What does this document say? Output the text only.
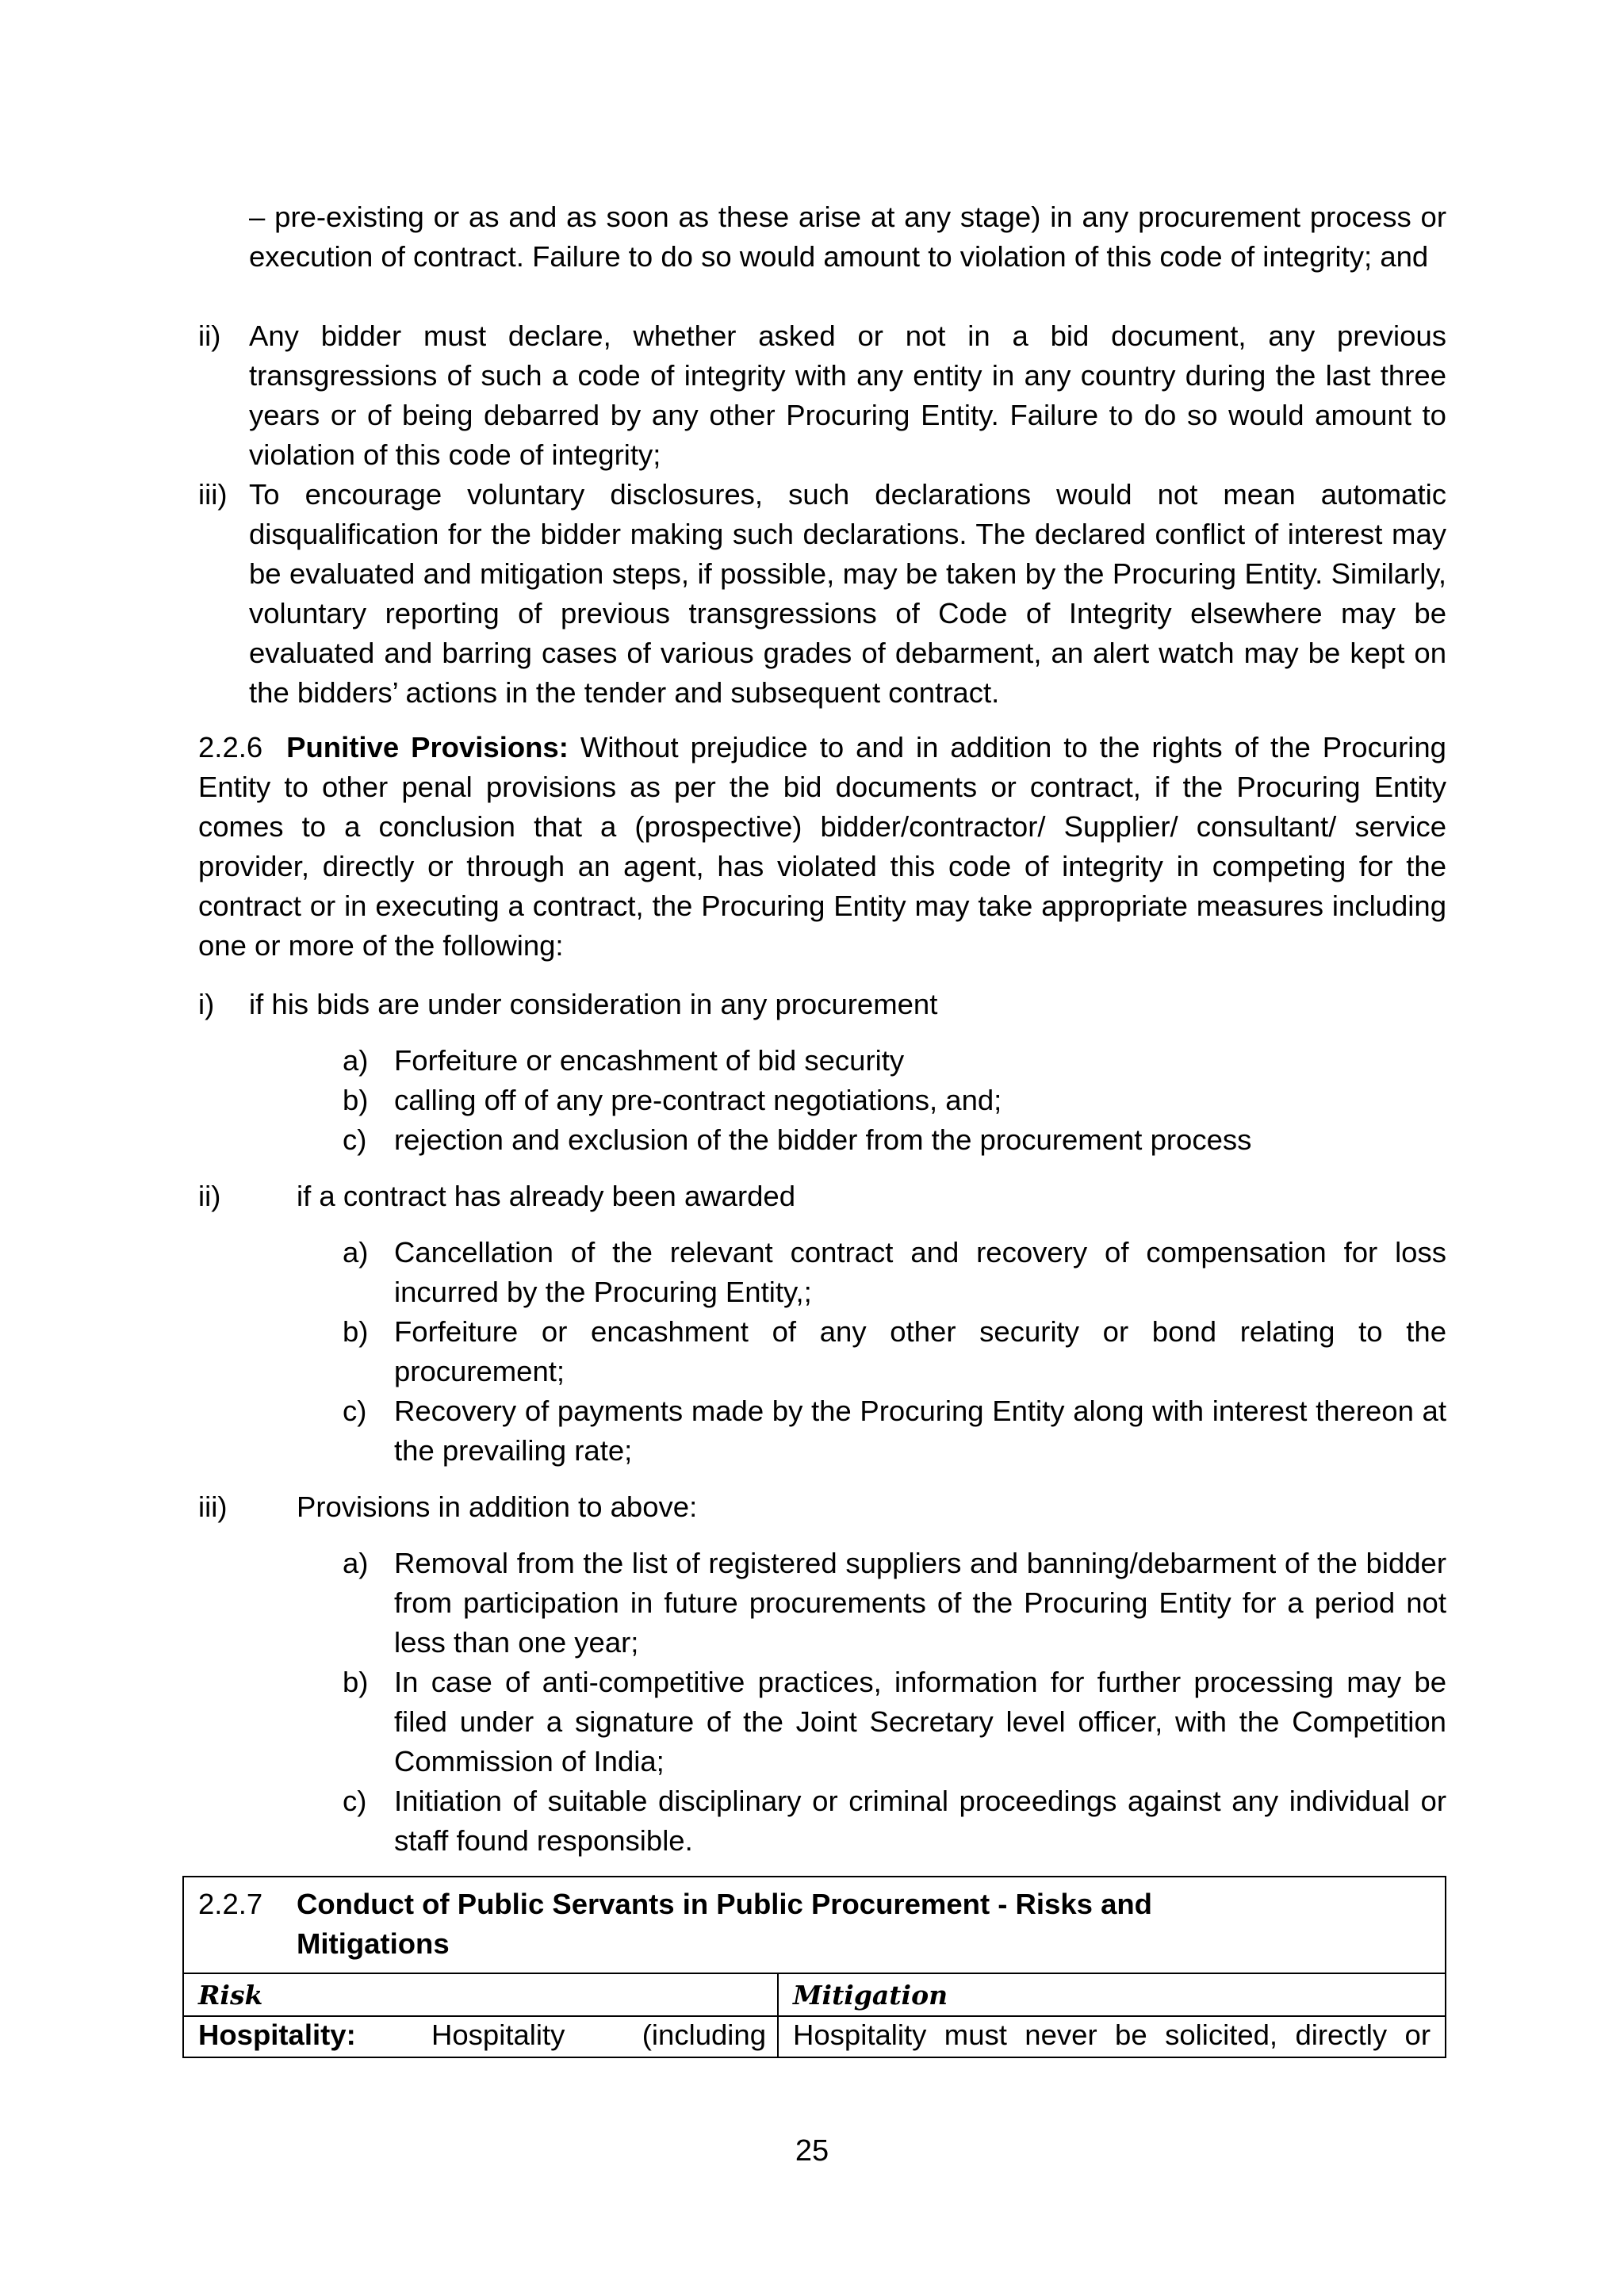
– pre-existing or as and as soon as these arise at any stage) in any procurement process or execution of contract. Failure to do so would amount to violation of this code of integrity; and

ii) Any bidder must declare, whether asked or not in a bid document, any previous transgressions of such a code of integrity with any entity in any country during the last three years or of being debarred by any other Procuring Entity. Failure to do so would amount to violation of this code of integrity;

iii) To encourage voluntary disclosures, such declarations would not mean automatic disqualification for the bidder making such declarations. The declared conflict of interest may be evaluated and mitigation steps, if possible, may be taken by the Procuring Entity. Similarly, voluntary reporting of previous transgressions of Code of Integrity elsewhere may be evaluated and barring cases of various grades of debarment, an alert watch may be kept on the bidders’ actions in the tender and subsequent contract.

2.2.6 Punitive Provisions: Without prejudice to and in addition to the rights of the Procuring Entity to other penal provisions as per the bid documents or contract, if the Procuring Entity comes to a conclusion that a (prospective) bidder/contractor/ Supplier/ consultant/ service provider, directly or through an agent, has violated this code of integrity in competing for the contract or in executing a contract, the Procuring Entity may take appropriate measures including one or more of the following:

i) if his bids are under consideration in any procurement
a) Forfeiture or encashment of bid security
b) calling off of any pre-contract negotiations, and;
c) rejection and exclusion of the bidder from the procurement process
ii)	if a contract has already been awarded
a) Cancellation of the relevant contract and recovery of compensation for loss incurred by the Procuring Entity,;

b) Forfeiture or encashment of any other security or bond relating to the procurement;

c) Recovery of payments made by the Procuring Entity along with interest thereon at the prevailing rate;

iii) Provisions in addition to above:
a) Removal from the list of registered suppliers and banning/debarment of the bidder from participation in future procurements of the Procuring Entity for a period not less than one year;

b) In case of anti-competitive practices, information for further processing may be filed under a signature of the Joint Secretary level officer, with the Competition Commission of India;

c) Initiation of suitable disciplinary or criminal proceedings against any individual or staff found responsible.

2.2.7 Conduct of Public Servants in Public Procurement - Risks and Mitigations	

Risk	Mitigation

Hospitality: Hospitality (including	Hospitality must never be solicited, directly or

25
